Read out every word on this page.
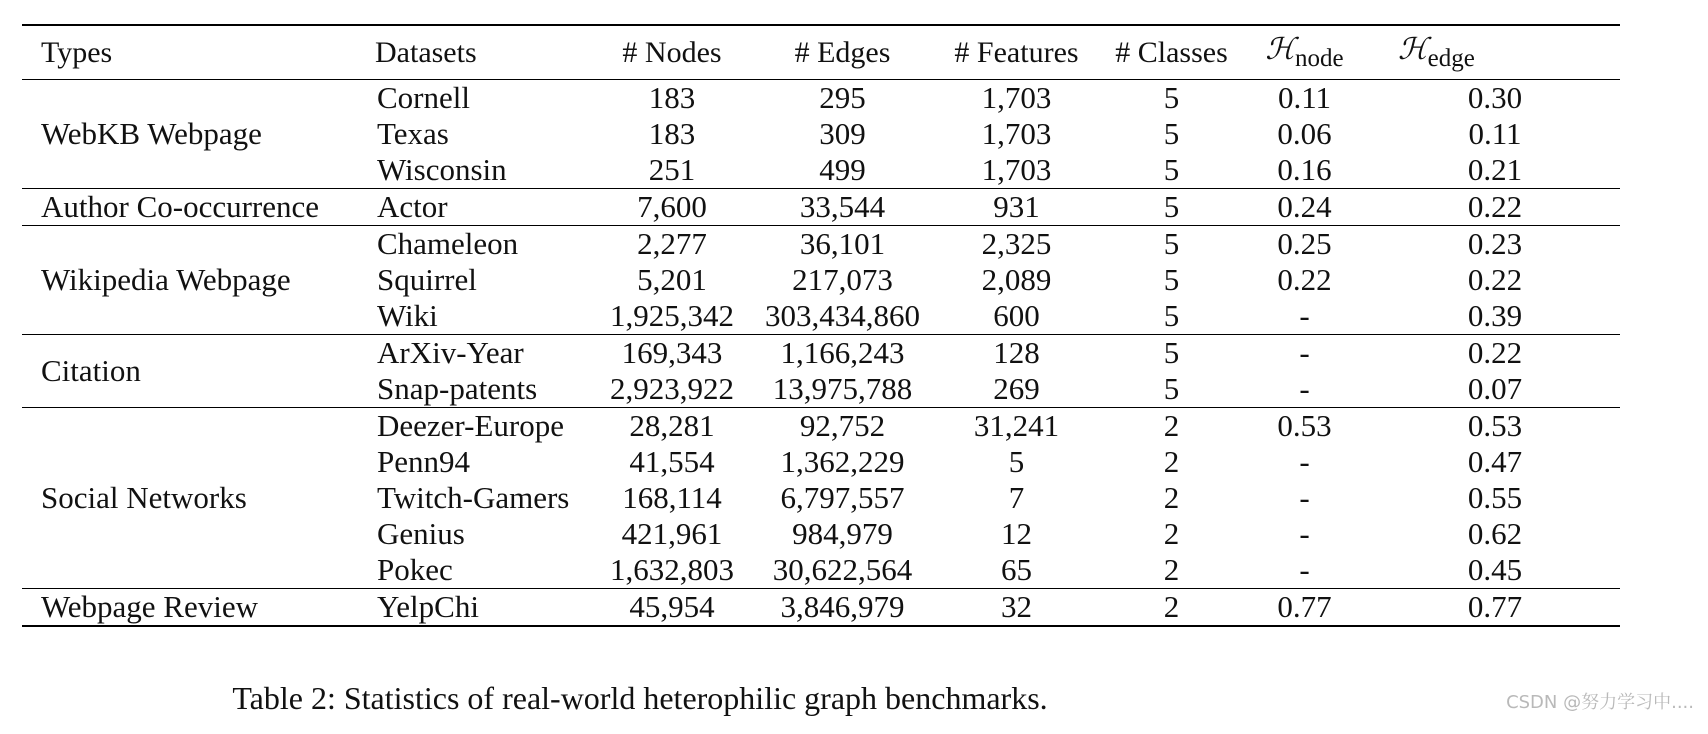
Types	Datasets	# Nodes	# Edges	# Features	# Classes	ℋ$_{node}$	ℋ$_{edge}$
WebKB Webpage	Cornell	183	295	1,703	5	0.11	0.30
	Texas	183	309	1,703	5	0.06	0.11
	Wisconsin	251	499	1,703	5	0.16	0.21
Author Co-occurrence	Actor	7,600	33,544	931	5	0.24	0.22
Wikipedia Webpage	Chameleon	2,277	36,101	2,325	5	0.25	0.23
	Squirrel	5,201	217,073	2,089	5	0.22	0.22
	Wiki	1,925,342	303,434,860	600	5	-	0.39
Citation	ArXiv-Year	169,343	1,166,243	128	5	-	0.22
	Snap-patents	2,923,922	13,975,788	269	5	-	0.07
Social Networks	Deezer-Europe	28,281	92,752	31,241	2	0.53	0.53
	Penn94	41,554	1,362,229	5	2	-	0.47
	Twitch-Gamers	168,114	6,797,557	7	2	-	0.55
	Genius	421,961	984,979	12	2	-	0.62
	Pokec	1,632,803	30,622,564	65	2	-	0.45
Webpage Review	YelpChi	45,954	3,846,979	32	2	0.77	0.77

Table 2: Statistics of real-world heterophilic graph benchmarks.	CSDN @努力学习中....
